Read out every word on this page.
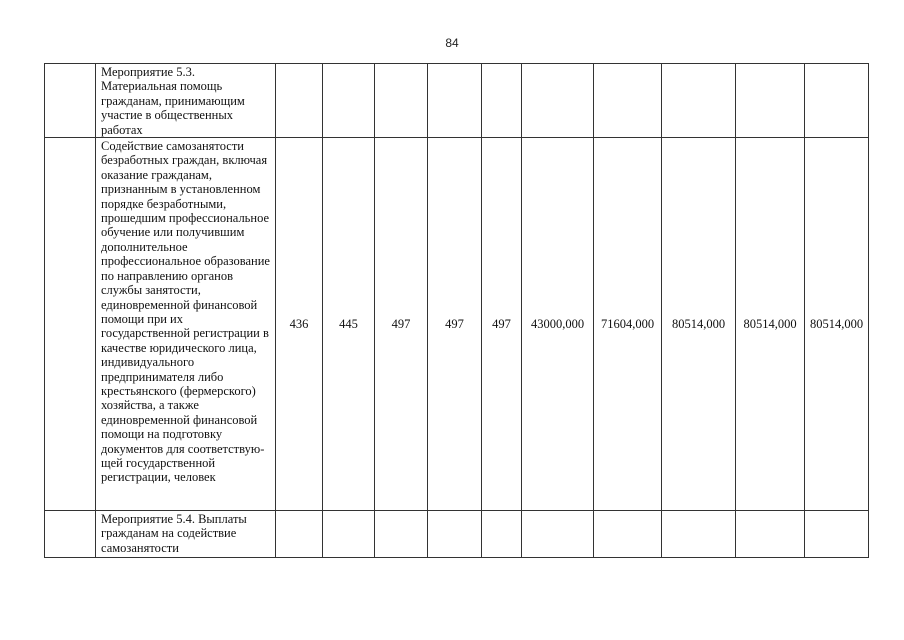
84
	Мероприятие 5.3. Материальная помощь гражданам, принимающим участие в общественных работах										
	Содействие самозанятости безработных граждан, включая оказание гражданам, признанным в установленном порядке безработными, прошедшим профессиональное обучение или получившим дополнительное профессиональное образование по направлению органов службы занятости, единовременной финансовой помощи при их государственной регистрации в качестве юридического лица, индивидуального предпринимателя либо крестьянского (фермерского) хозяйства, а также единовременной финансовой помощи на подготовку документов для соответствую-щей государственной регистрации, человек	436	445	497	497	497	43000,000	71604,000	80514,000	80514,000	80514,000
	Мероприятие 5.4. Выплаты гражданам на содействие самозанятости										
